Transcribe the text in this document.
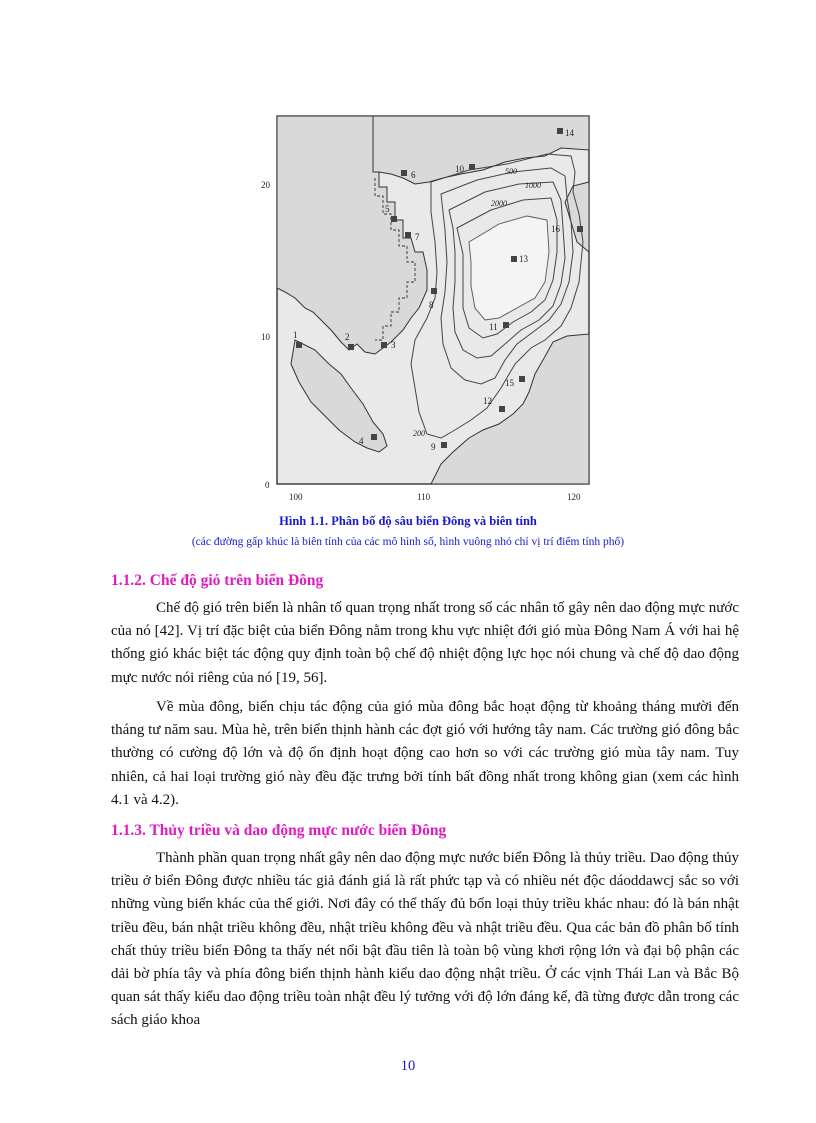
20
10
0
100	110	120
500
1000
2000
200
1	2
3
4
5
6
7
8
9
10
11
12
13
14
15
16
Hình 1.1. Phân bố độ sâu biển Đông và biên tính
(các đường gấp khúc là biên tính của các mô hình số, hình vuông nhỏ chỉ vị trí điểm tính phổ)
1.1.2. Chế độ gió trên biển Đông

Chế độ gió trên biển là nhân tố quan trọng nhất trong số các nhân tố gây nên dao động mực nước của nó [42]. Vị trí đặc biệt của biển Đông nằm trong khu vực nhiệt đới gió mùa Đông Nam Á với hai hệ thống gió khác biệt tác động quy định toàn bộ chế độ nhiệt động lực học nói chung và chế độ dao động mực nước nói riêng của nó [19, 56].

Về mùa đông, biển chịu tác động của gió mùa đông bắc hoạt động từ khoảng tháng mười đến tháng tư năm sau. Mùa hè, trên biển thịnh hành các đợt gió với hướng tây nam. Các trường gió đông bắc thường có cường độ lớn và độ ổn định hoạt động cao hơn so với các trường gió mùa tây nam. Tuy nhiên, cả hai loại trường gió này đều đặc trưng bởi tính bất đồng nhất trong không gian (xem các hình 4.1 và 4.2).

1.1.3. Thủy triều và dao động mực nước biển Đông

Thành phần quan trọng nhất gây nên dao động mực nước biển Đông là thủy triều. Dao động thủy triều ở biển Đông được nhiều tác giả đánh giá là rất phức tạp và có nhiều nét độc dáoddawcj sắc so với những vùng biển khác của thế giới. Nơi đây có thể thấy đủ bốn loại thủy triều khác nhau: đó là bán nhật triều đều, bán nhật triều không đều, nhật triều không đều và nhật triều đều. Qua các bản đồ phân bố tính chất thủy triều biển Đông ta thấy nét nổi bật đầu tiên là toàn bộ vùng khơi rộng lớn và đại bộ phận các dải bờ phía tây và phía đông biển thịnh hành kiểu dao động nhật triều. Ở các vịnh Thái Lan và Bắc Bộ quan sát thấy kiểu dao động triều toàn nhật đều lý tưởng với độ lớn đáng kể, đã từng được dẫn trong các sách giáo khoa

10
